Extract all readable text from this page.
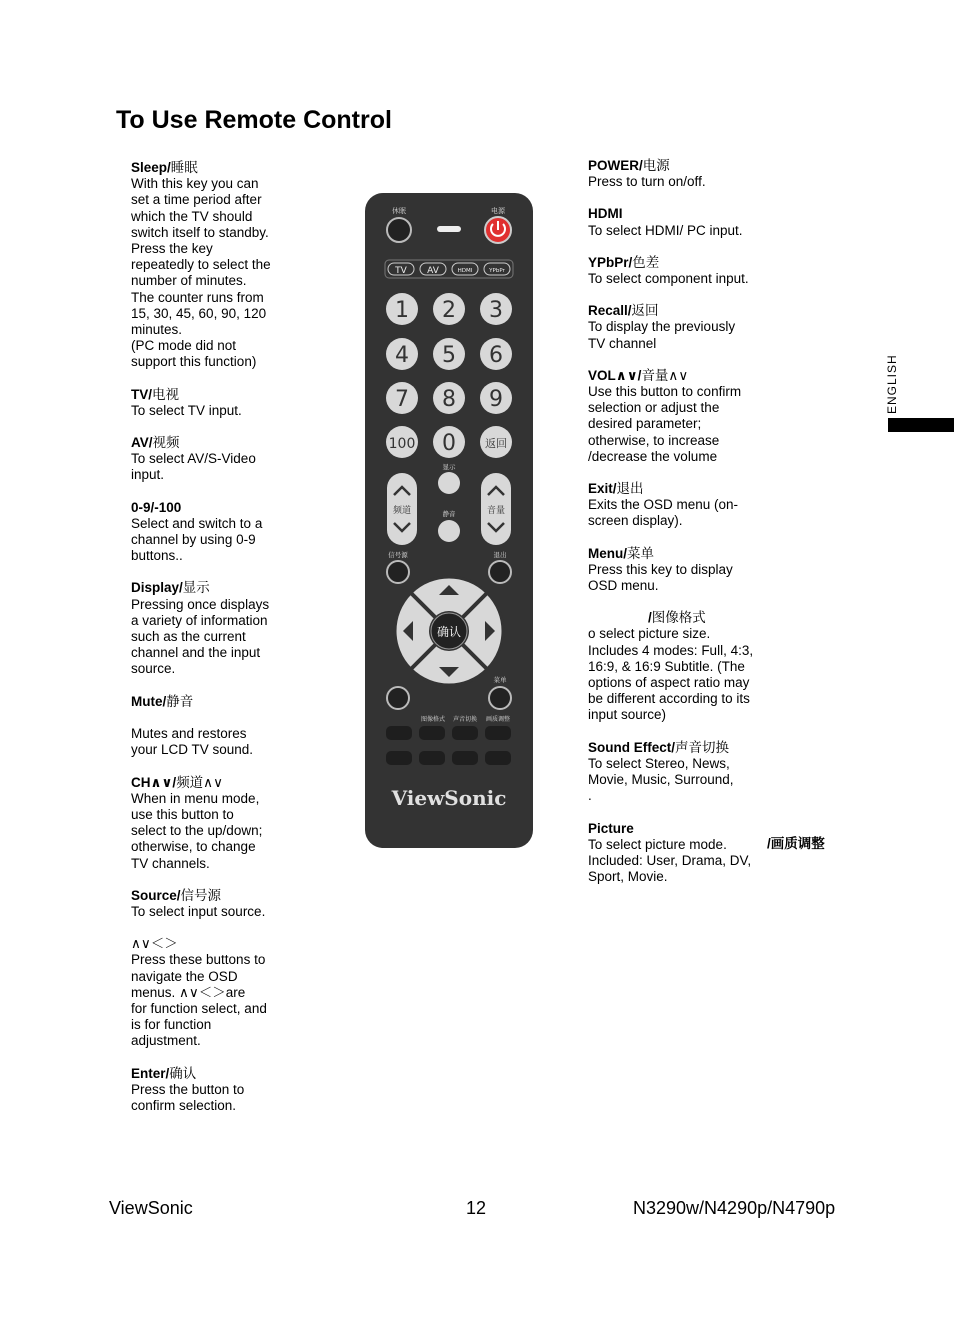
To Use Remote Control
Sleep/睡眠
With this key you can
set a time period after
which the TV should
switch itself to standby.
Press the key
repeatedly to select the
number of minutes.
The counter runs from
15, 30, 45, 60, 90, 120
minutes.
(PC mode did not
support this function)
TV/电视
To select TV input.
AV/视频
To select AV/S-Video
input.
0-9/-100
Select and switch to a
channel by using 0-9
buttons..
Display/显示
Pressing once displays
a variety of information
such as the current
channel and the input
source.
Mute/静音

Mutes and restores
your LCD TV sound.
CH∧∨/频道∧∨
When in menu mode,
use this button to
select to the up/down;
otherwise, to change
TV channels.
Source/信号源
To select input source.
∧∨＜＞
Press these buttons to
navigate the OSD
menus. ∧∨＜＞are
for function select, and
is for function
adjustment.
Enter/确认
Press the button to
confirm selection.
POWER/电源
Press to turn on/off.
HDMI
To select HDMI/ PC input.
YPbPr/色差
To select component input.
Recall/返回
To display the previously
TV channel
VOL∧∨/音量∧∨
Use this button to confirm
selection or adjust the
desired parameter;
otherwise, to increase
/decrease the volume
Exit/退出
Exits the OSD menu (on-
screen display).
Menu/菜单
Press this key to display
OSD menu.
/图像格式
o select picture size.
Includes 4 modes: Full, 4:3,
16:9, & 16:9 Subtitle. (The
options of aspect ratio may
be different according to its
input source)
Sound Effect/声音切换
To select Stereo, News,
Movie, Music, Surround,
.
Picture
To select picture mode.
Included: User, Drama, DV,
Sport, Movie.
/画质调整
ENGLISH
休眠	电源
TV AV	HDMI	YPbPr
1 2 3
4 5 6
7 8 9
100 0	返回
显示
频道	音量
静音
信号源	退出
确认
菜单
图像格式 声音切换 画质调整
ViewSonic
ViewSonic	12	N3290w/N4290p/N4790p
